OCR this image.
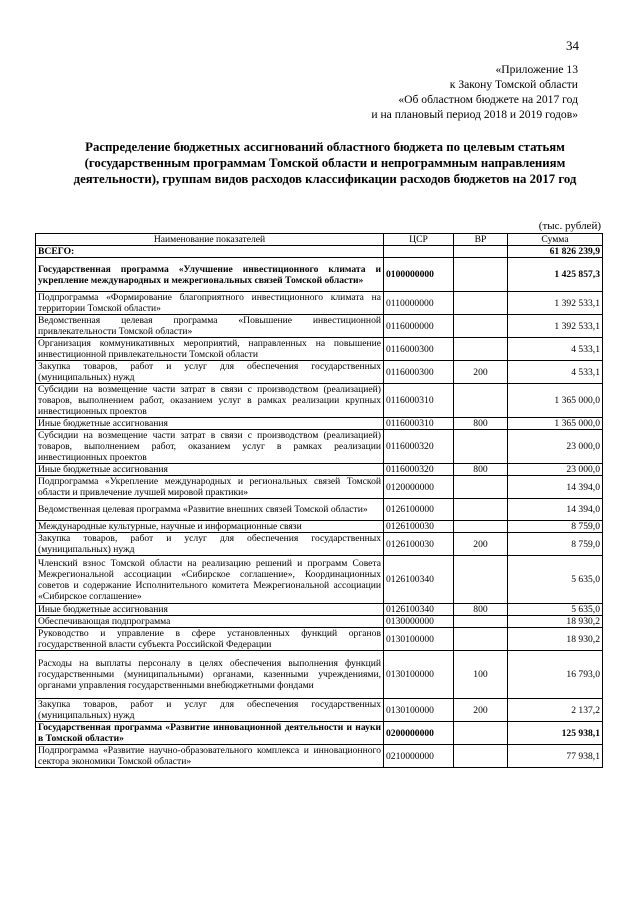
34
«Приложение 13
к Закону Томской области
«Об областном бюджете на 2017 год
и на плановый период 2018 и 2019 годов»
Распределение бюджетных ассигнований областного бюджета по целевым статьям (государственным программам Томской области и непрограммным направлениям деятельности), группам видов расходов классификации расходов бюджетов на 2017 год
(тыс. рублей)
Наименование показателей	ЦСР	ВР	Сумма
ВСЕГО:			61 826 239,9
Государственная программа «Улучшение инвестиционного климата и укрепление международных и межрегиональных связей Томской области»	0100000000		1 425 857,3
Подпрограмма «Формирование благоприятного инвестиционного климата на территории Томской области»	0110000000		1 392 533,1
Ведомственная целевая программа «Повышение инвестиционной привлекательности Томской области»	0116000000		1 392 533,1
Организация коммуникативных мероприятий, направленных на повышение инвестиционной привлекательности Томской области	0116000300		4 533,1
Закупка товаров, работ и услуг для обеспечения государственных (муниципальных) нужд	0116000300	200	4 533,1
Субсидии на возмещение части затрат в связи с производством (реализацией) товаров, выполнением работ, оказанием услуг в рамках реализации крупных инвестиционных проектов	0116000310		1 365 000,0
Иные бюджетные ассигнования	0116000310	800	1 365 000,0
Субсидии на возмещение части затрат в связи с производством (реализацией) товаров, выполнением работ, оказанием услуг в рамках реализации инвестиционных проектов	0116000320		23 000,0
Иные бюджетные ассигнования	0116000320	800	23 000,0
Подпрограмма «Укрепление международных и региональных связей Томской области и привлечение лучшей мировой практики»	0120000000		14 394,0
Ведомственная целевая программа «Развитие внешних связей Томской области»	0126100000		14 394,0
Международные культурные, научные и информационные связи	0126100030		8 759,0
Закупка товаров, работ и услуг для обеспечения государственных (муниципальных) нужд	0126100030	200	8 759,0
Членский взнос Томской области на реализацию решений и программ Совета Межрегиональной ассоциации «Сибирское соглашение», Координационных советов и содержание Исполнительного комитета Межрегиональной ассоциации «Сибирское соглашение»	0126100340		5 635,0
Иные бюджетные ассигнования	0126100340	800	5 635,0
Обеспечивающая подпрограмма	0130000000		18 930,2
Руководство и управление в сфере установленных функций органов государственной власти субъекта Российской Федерации	0130100000		18 930,2
Расходы на выплаты персоналу в целях обеспечения выполнения функций государственными (муниципальными) органами, казенными учреждениями, органами управления государственными внебюджетными фондами	0130100000	100	16 793,0
Закупка товаров, работ и услуг для обеспечения государственных (муниципальных) нужд	0130100000	200	2 137,2
Государственная программа «Развитие инновационной деятельности и науки в Томской области»	0200000000		125 938,1
Подпрограмма «Развитие научно-образовательного комплекса и инновационного сектора экономики Томской области»	0210000000		77 938,1
